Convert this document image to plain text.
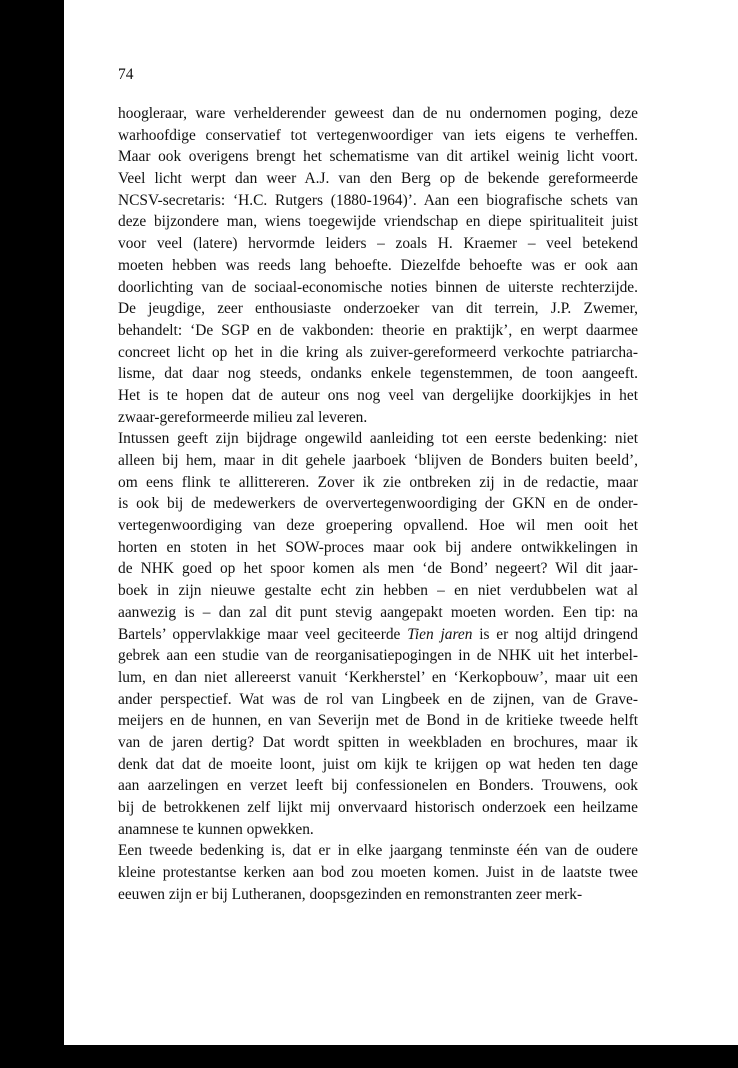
74
hoogleraar, ware verhelderender geweest dan de nu ondernomen poging, deze
warhoofdige conservatief tot vertegenwoordiger van iets eigens te verheffen.
Maar ook overigens brengt het schematisme van dit artikel weinig licht voort.
Veel licht werpt dan weer A.J. van den Berg op de bekende gereformeerde
NCSV-secretaris: ‘H.C. Rutgers (1880-1964)’. Aan een biografische schets van
deze bijzondere man, wiens toegewijde vriendschap en diepe spiritualiteit juist
voor veel (latere) hervormde leiders – zoals H. Kraemer – veel betekend
moeten hebben was reeds lang behoefte. Diezelfde behoefte was er ook aan
doorlichting van de sociaal-economische noties binnen de uiterste rechterzijde.
De jeugdige, zeer enthousiaste onderzoeker van dit terrein, J.P. Zwemer,
behandelt: ‘De SGP en de vakbonden: theorie en praktijk’, en werpt daarmee
concreet licht op het in die kring als zuiver-gereformeerd verkochte patriarcha-
lisme, dat daar nog steeds, ondanks enkele tegenstemmen, de toon aangeeft.
Het is te hopen dat de auteur ons nog veel van dergelijke doorkijkjes in het
zwaar-gereformeerde milieu zal leveren.
Intussen geeft zijn bijdrage ongewild aanleiding tot een eerste bedenking: niet
alleen bij hem, maar in dit gehele jaarboek ‘blijven de Bonders buiten beeld’,
om eens flink te allittereren. Zover ik zie ontbreken zij in de redactie, maar
is ook bij de medewerkers de oververtegenwoordiging der GKN en de onder-
vertegenwoordiging van deze groepering opvallend. Hoe wil men ooit het
horten en stoten in het SOW-proces maar ook bij andere ontwikkelingen in
de NHK goed op het spoor komen als men ‘de Bond’ negeert? Wil dit jaar-
boek in zijn nieuwe gestalte echt zin hebben – en niet verdubbelen wat al
aanwezig is – dan zal dit punt stevig aangepakt moeten worden. Een tip: na
Bartels’ oppervlakkige maar veel geciteerde Tien jaren is er nog altijd dringend
gebrek aan een studie van de reorganisatiepogingen in de NHK uit het interbel-
lum, en dan niet allereerst vanuit ‘Kerkherstel’ en ‘Kerkopbouw’, maar uit een
ander perspectief. Wat was de rol van Lingbeek en de zijnen, van de Grave-
meijers en de hunnen, en van Severijn met de Bond in de kritieke tweede helft
van de jaren dertig? Dat wordt spitten in weekbladen en brochures, maar ik
denk dat dat de moeite loont, juist om kijk te krijgen op wat heden ten dage
aan aarzelingen en verzet leeft bij confessionelen en Bonders. Trouwens, ook
bij de betrokkenen zelf lijkt mij onvervaard historisch onderzoek een heilzame
anamnese te kunnen opwekken.
Een tweede bedenking is, dat er in elke jaargang tenminste één van de oudere
kleine protestantse kerken aan bod zou moeten komen. Juist in de laatste twee
eeuwen zijn er bij Lutheranen, doopsgezinden en remonstranten zeer merk-
